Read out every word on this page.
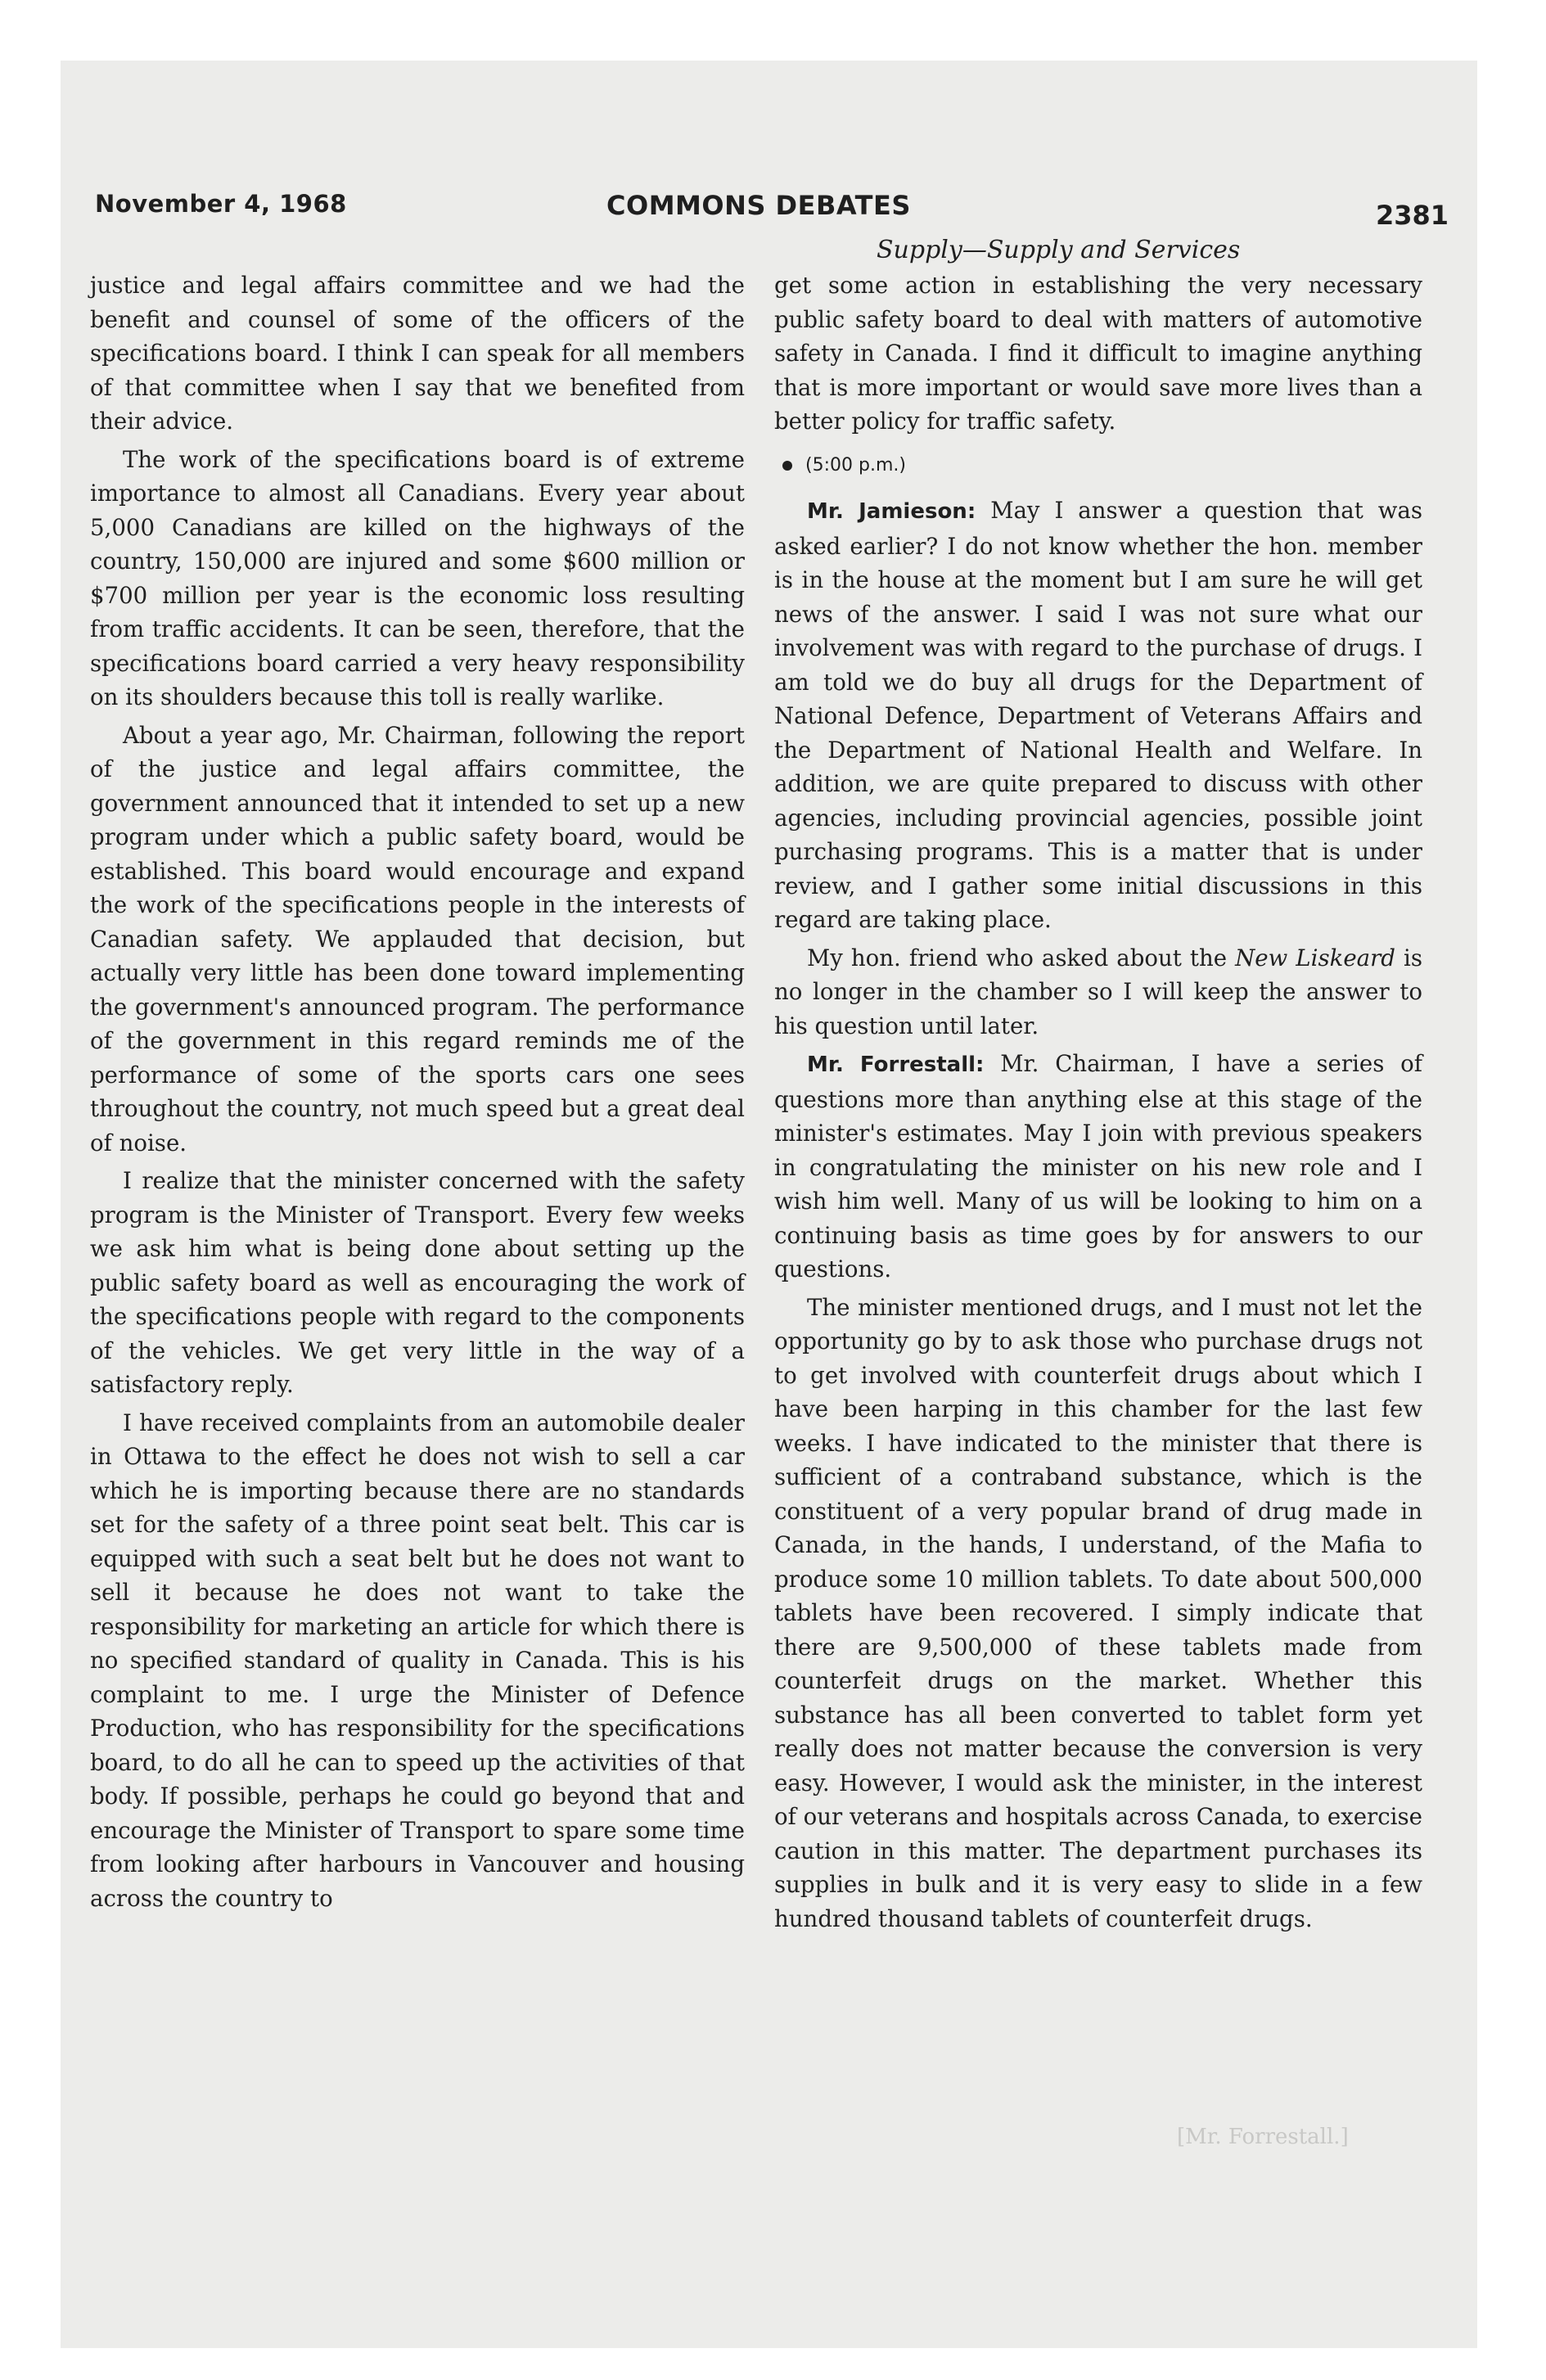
November 4, 1968	COMMONS DEBATES	2381
Supply—Supply and Services

justice and legal affairs committee and we had the benefit and counsel of some of the officers of the specifications board. I think I can speak for all members of that committee when I say that we benefited from their advice.

The work of the specifications board is of extreme importance to almost all Canadians. Every year about 5,000 Canadians are killed on the highways of the country, 150,000 are injured and some $600 million or $700 million per year is the economic loss resulting from traffic accidents. It can be seen, therefore, that the specifications board carried a very heavy responsibility on its shoulders because this toll is really warlike.

About a year ago, Mr. Chairman, following the report of the justice and legal affairs committee, the government announced that it intended to set up a new program under which a public safety board, would be established. This board would encourage and expand the work of the specifications people in the interests of Canadian safety. We applauded that decision, but actually very little has been done toward implementing the government's announced program. The performance of the government in this regard reminds me of the performance of some of the sports cars one sees throughout the country, not much speed but a great deal of noise.

I realize that the minister concerned with the safety program is the Minister of Transport. Every few weeks we ask him what is being done about setting up the public safety board as well as encouraging the work of the specifications people with regard to the components of the vehicles. We get very little in the way of a satisfactory reply.

I have received complaints from an automobile dealer in Ottawa to the effect he does not wish to sell a car which he is importing because there are no standards set for the safety of a three point seat belt. This car is equipped with such a seat belt but he does not want to sell it because he does not want to take the responsibility for marketing an article for which there is no specified standard of quality in Canada. This is his complaint to me. I urge the Minister of Defence Production, who has responsibility for the specifications board, to do all he can to speed up the activities of that body. If possible, perhaps he could go beyond that and encourage the Minister of Transport to spare some time from looking after harbours in Vancouver and housing across the country to

get some action in establishing the very necessary public safety board to deal with matters of automotive safety in Canada. I find it difficult to imagine anything that is more important or would save more lives than a better policy for traffic safety.

(5:00 p.m.)

Mr. Jamieson: May I answer a question that was asked earlier? I do not know whether the hon. member is in the house at the moment but I am sure he will get news of the answer. I said I was not sure what our involvement was with regard to the purchase of drugs. I am told we do buy all drugs for the Department of National Defence, Department of Veterans Affairs and the Department of National Health and Welfare. In addition, we are quite prepared to discuss with other agencies, including provincial agencies, possible joint purchasing programs. This is a matter that is under review, and I gather some initial discussions in this regard are taking place.

My hon. friend who asked about the New Liskeard is no longer in the chamber so I will keep the answer to his question until later.

Mr. Forrestall: Mr. Chairman, I have a series of questions more than anything else at this stage of the minister's estimates. May I join with previous speakers in congratulating the minister on his new role and I wish him well. Many of us will be looking to him on a continuing basis as time goes by for answers to our questions.

The minister mentioned drugs, and I must not let the opportunity go by to ask those who purchase drugs not to get involved with counterfeit drugs about which I have been harping in this chamber for the last few weeks. I have indicated to the minister that there is sufficient of a contraband substance, which is the constituent of a very popular brand of drug made in Canada, in the hands, I understand, of the Mafia to produce some 10 million tablets. To date about 500,000 tablets have been recovered. I simply indicate that there are 9,500,000 of these tablets made from counterfeit drugs on the market. Whether this substance has all been converted to tablet form yet really does not matter because the conversion is very easy. However, I would ask the minister, in the interest of our veterans and hospitals across Canada, to exercise caution in this matter. The department purchases its supplies in bulk and it is very easy to slide in a few hundred thousand tablets of counterfeit drugs.

[Mr. Forrestall.]
